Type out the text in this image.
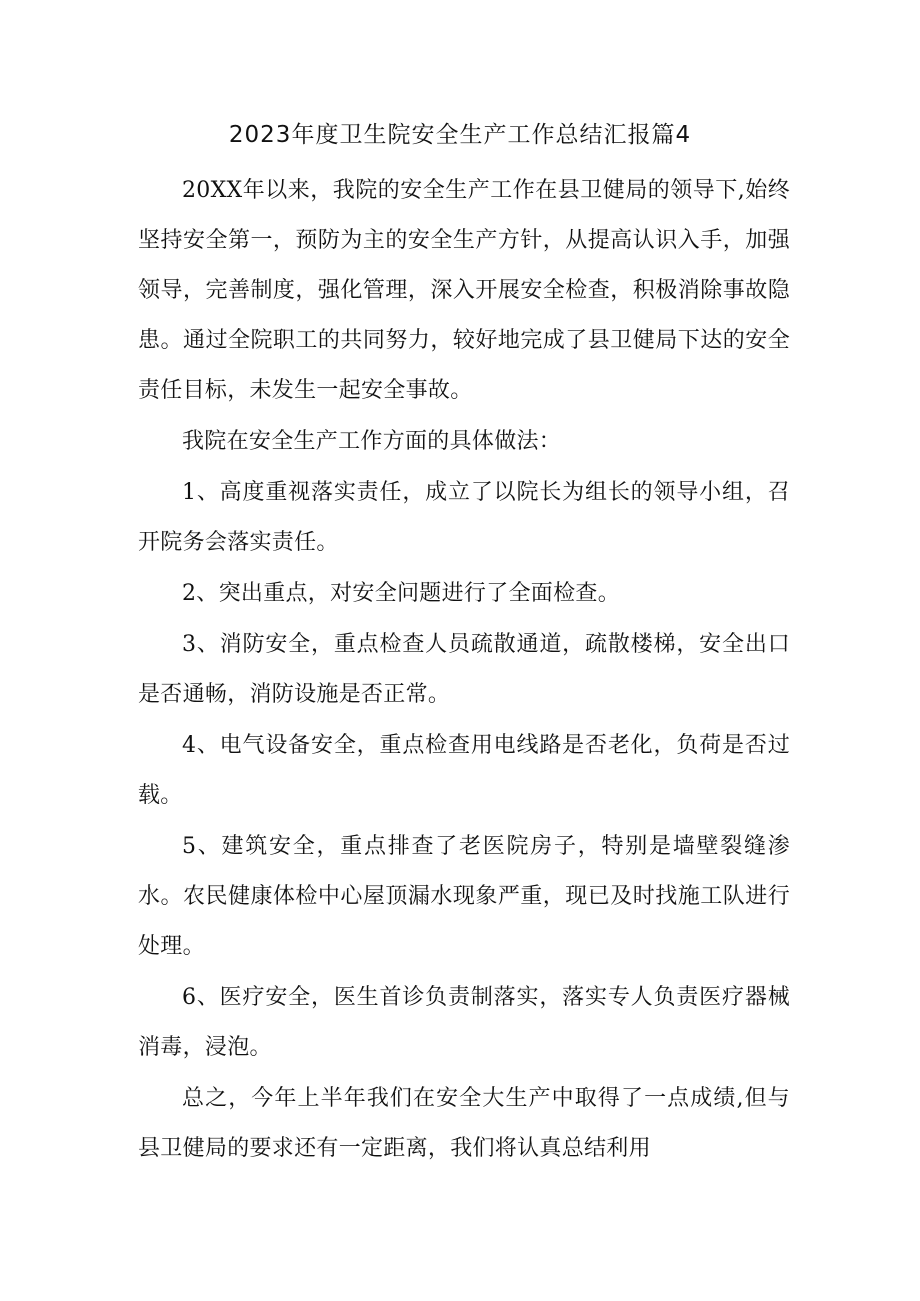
2023年度卫生院安全生产工作总结汇报篇4

20XX年以来，我院的安全生产工作在县卫健局的领导下,始终坚持安全第一，预防为主的安全生产方针，从提高认识入手，加强领导，完善制度，强化管理，深入开展安全检查，积极消除事故隐患。通过全院职工的共同努力，较好地完成了县卫健局下达的安全责任目标，未发生一起安全事故。

我院在安全生产工作方面的具体做法：

1、高度重视落实责任，成立了以院长为组长的领导小组，召开院务会落实责任。

2、突出重点，对安全问题进行了全面检查。

3、消防安全，重点检查人员疏散通道，疏散楼梯，安全出口是否通畅，消防设施是否正常。

4、电气设备安全，重点检查用电线路是否老化，负荷是否过载。

5、建筑安全，重点排查了老医院房子，特别是墙壁裂缝渗水。农民健康体检中心屋顶漏水现象严重，现已及时找施工队进行处理。

6、医疗安全，医生首诊负责制落实，落实专人负责医疗器械消毒，浸泡。

总之，今年上半年我们在安全大生产中取得了一点成绩,但与县卫健局的要求还有一定距离，我们将认真总结利用
